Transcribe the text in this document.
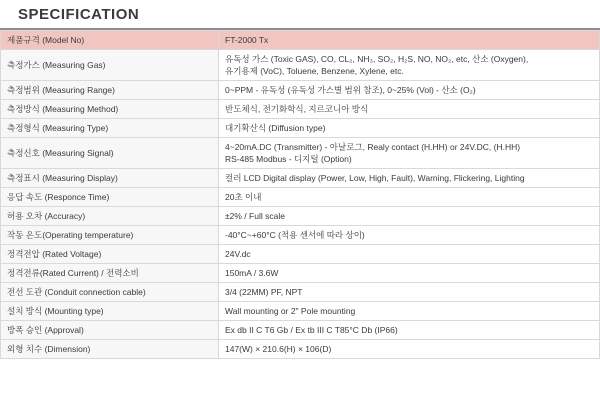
SPECIFICATION
제품규격 (Model No)	FT-2000 Tx

측정가스 (Measuring Gas)	유독성 가스 (Toxic GAS), CO, CL₂, NH₃, SO₂, H₂S, NO, NO₂, etc, 산소 (Oxygen),
유기용제 (VoC), Toluene, Benzene, Xylene, etc.

측정범위 (Measuring Range)	0~PPM - 유독성 (유독성 가스별 범위 참조), 0~25% (Vol) - 산소 (O₂)

측정방식 (Measuring Method)	반도체식, 전기화학식, 지르코니아 방식

측정형식 (Measuring Type)	대기확산식 (Diffusion type)

측정신호 (Measuring Signal)	4~20mA.DC (Transmitter) - 아날로그, Realy contact (H.HH) or 24V.DC, (H.HH)
RS-485 Modbus - 디지털 (Option)

측정표시 (Measuring Display)	컬러 LCD Digital display (Power, Low, High, Fault), Warning, Flickering, Lighting

응답 속도 (Responce Time)	20초 이내

허용 오차 (Accuracy)	±2% / Full scale

작동 온도(Operating temperature)	-40°C~+60°C (적용 센서에 따라 상이)

정격전압 (Rated Voltage)	24V.dc

정격전류(Rated Current) / 전력소비	150mA / 3.6W

전선 도관 (Conduit connection cable)	3/4 (22MM) PF, NPT

설치 방식 (Mounting type)	Wall mounting or 2" Pole mounting

방폭 승인 (Approval)	Ex db II C T6 Gb / Ex tb III C T85°C Db (IP66)

외형 치수 (Dimension)	147(W) × 210.6(H) × 106(D)
